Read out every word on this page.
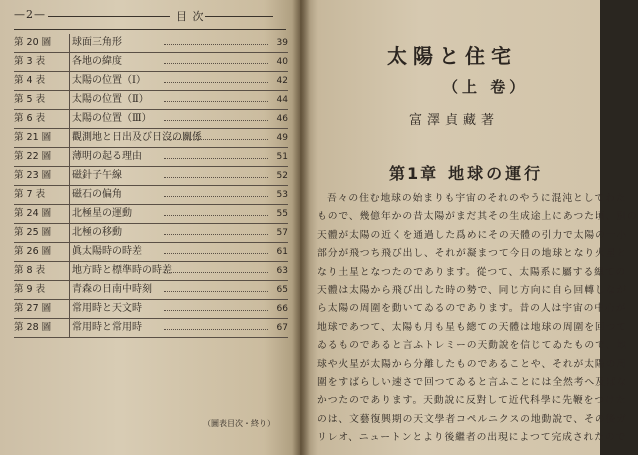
—2—	目 次
第 20 圖	球面三角形	39
第 3 表	各地の緯度	40
第 4 表	太陽の位置（Ⅰ）	42
第 5 表	太陽の位置（Ⅱ）	44
第 6 表	太陽の位置（Ⅲ）	46
第 21 圖	觀測地と日出及び日沒の關係	49
第 22 圖	薄明の起る理由	51
第 23 圖	磁針子午線	52
第 7 表	磁石の偏角	53
第 24 圖	北極星の運動	55
第 25 圖	北極の移動	57
第 26 圖	眞太陽時の時差	61
第 8 表	地方時と標準時の時差	63
第 9 表	青森の日南中時刻	65
第 27 圖	常用時と天文時	66
第 28 圖	常用時と常用時	67
（圖表目次・終り）
太陽と住宅
（上 卷）
富澤貞藏著
第1章 地球の運行
吾々の住む地球の始まりも宇宙のそれのやうに混沌としてわた
もので、幾億年かの昔太陽がまだ其その生成途上にあつた頃、別の
天體が太陽の近くを通過した爲めにその天體の引力で太陽の一小
部分が飛つち飛び出し、それが凝まつて今日の地球となり火星と
なり土星となつたのであります。從つて、太陽系に屬する總ての
天體は太陽から飛び出した時の勢で、同じ方向に自ら回轉しなが
ら太陽の周圍を動いてゐるのであります。昔の人は宇宙の中心が
地球であつて、太陽も月も星も總ての天體は地球の周圍を回つて
ゐるものであると言ふトレミーの天動說を信じてゐたもので、地
球や火星が太陽から分離したものであることや、それが太陽の周
圍をすばらしい速さで回つてゐると言ふことには全然考へ及ばな
かつたのであります。天動說に反對して近代科學に先鞭をつけた
のは、文藝復興期の天文學者コペルニクスの地動說で、その後ガ
リレオ、ニュートンとより後繼者の出現によつて完成されたので
